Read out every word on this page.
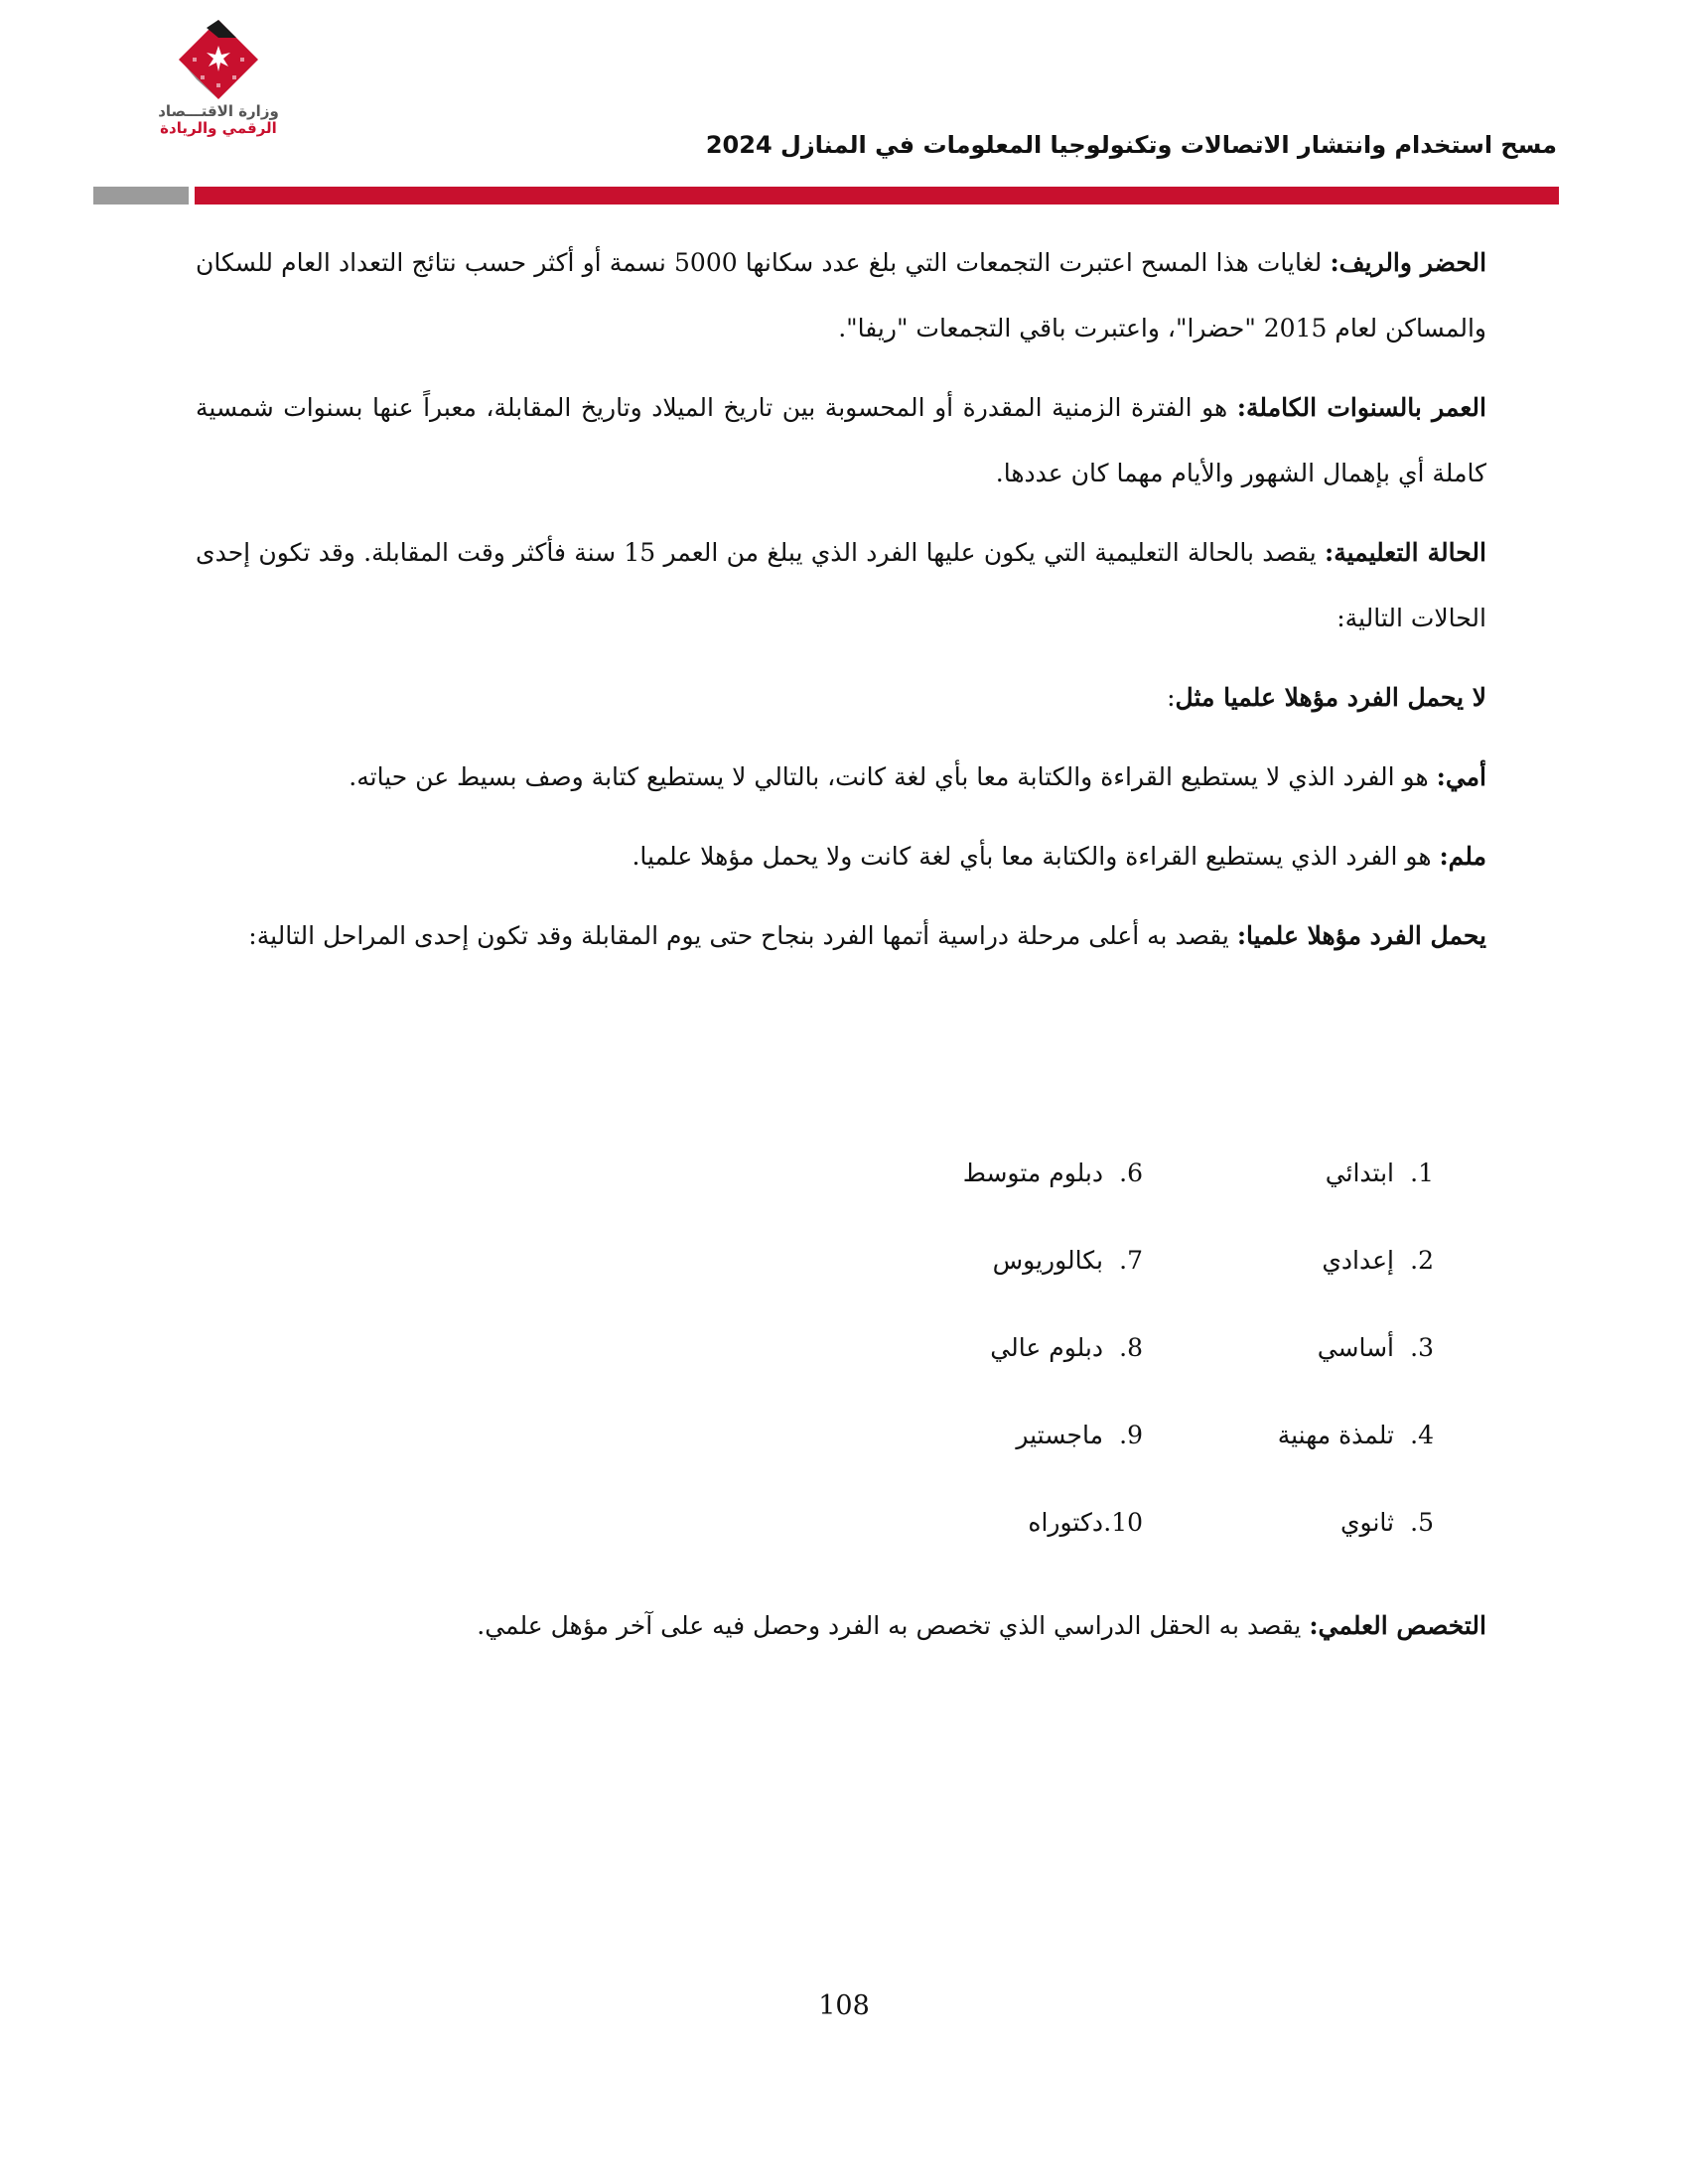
وزارة الاقتـــصاد
الرقمي والريادة
مسح استخدام وانتشار الاتصالات وتكنولوجيا المعلومات في المنازل 2024

الحضر والريف: لغايات هذا المسح اعتبرت التجمعات التي بلغ عدد سكانها 5000 نسمة أو أكثر حسب نتائج التعداد العام للسكان والمساكن لعام 2015 "حضرا"، واعتبرت باقي التجمعات "ريفا".

العمر بالسنوات الكاملة: هو الفترة الزمنية المقدرة أو المحسوبة بين تاريخ الميلاد وتاريخ المقابلة، معبراً عنها بسنوات شمسية كاملة أي بإهمال الشهور والأيام مهما كان عددها.

الحالة التعليمية: يقصد بالحالة التعليمية التي يكون عليها الفرد الذي يبلغ من العمر 15 سنة فأكثر وقت المقابلة. وقد تكون إحدى الحالات التالية:

لا يحمل الفرد مؤهلا علميا مثل:

أمي: هو الفرد الذي لا يستطيع القراءة والكتابة معا بأي لغة كانت، بالتالي لا يستطيع كتابة وصف بسيط عن حياته.

ملم: هو الفرد الذي يستطيع القراءة والكتابة معا بأي لغة كانت ولا يحمل مؤهلا علميا.

يحمل الفرد مؤهلا علميا: يقصد به أعلى مرحلة دراسية أتمها الفرد بنجاح حتى يوم المقابلة وقد تكون إحدى المراحل التالية:

1.ابتدائي
2.إعدادي
3.أساسي
4.تلمذة مهنية
5.ثانوي
6.دبلوم متوسط
7.بكالوريوس
8.دبلوم عالي
9.ماجستير
10.دكتوراه
التخصص العلمي: يقصد به الحقل الدراسي الذي تخصص به الفرد وحصل فيه على آخر مؤهل علمي.
108
